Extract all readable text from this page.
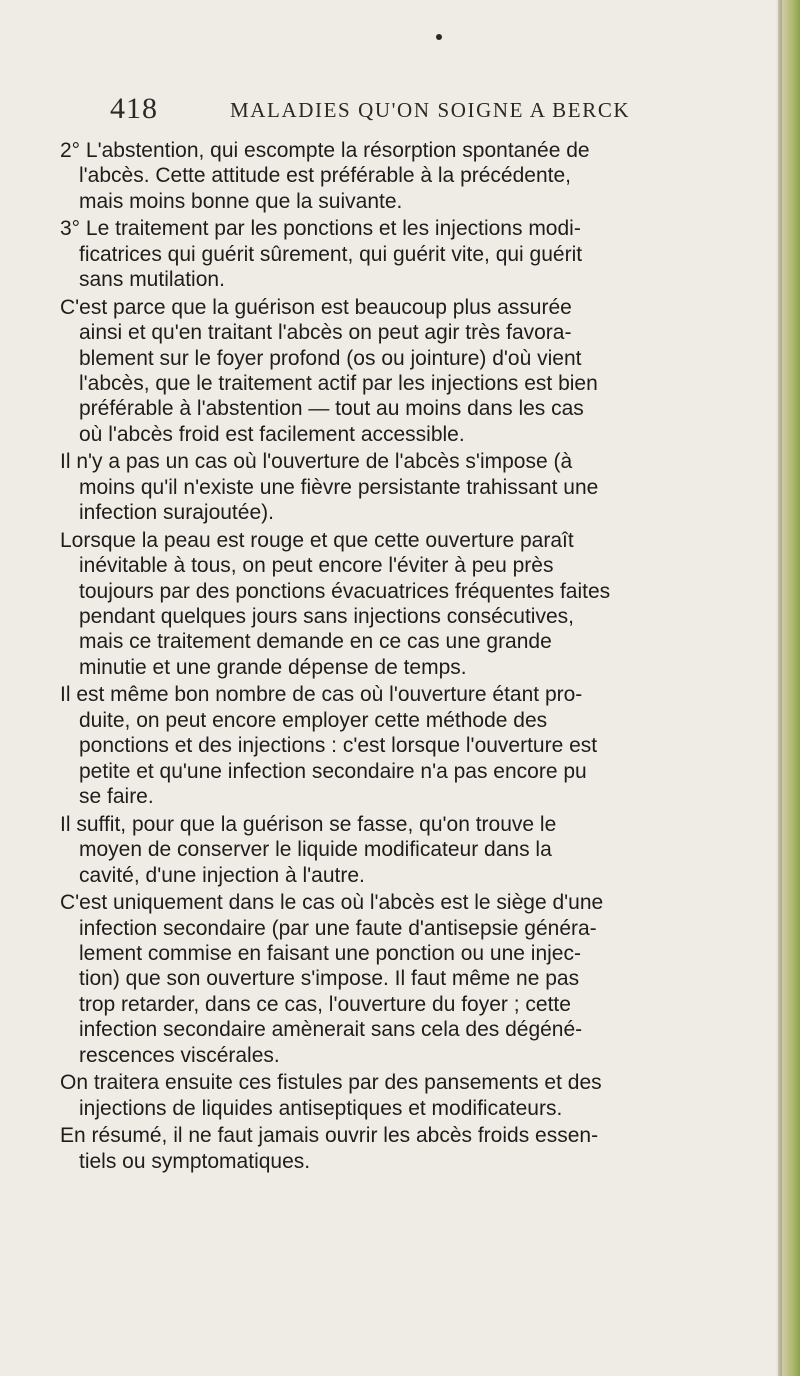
418	MALADIES QU'ON SOIGNE A BERCK

2° L'abstention, qui escompte la résorption spontanée de
l'abcès. Cette attitude est préférable à la précédente,
mais moins bonne que la suivante.

3° Le traitement par les ponctions et les injections modi-
ficatrices qui guérit sûrement, qui guérit vite, qui guérit
sans mutilation.

C'est parce que la guérison est beaucoup plus assurée
ainsi et qu'en traitant l'abcès on peut agir très favora-
blement sur le foyer profond (os ou jointure) d'où vient
l'abcès, que le traitement actif par les injections est bien
préférable à l'abstention — tout au moins dans les cas
où l'abcès froid est facilement accessible.

Il n'y a pas un cas où l'ouverture de l'abcès s'impose (à
moins qu'il n'existe une fièvre persistante trahissant une
infection surajoutée).

Lorsque la peau est rouge et que cette ouverture paraît
inévitable à tous, on peut encore l'éviter à peu près
toujours par des ponctions évacuatrices fréquentes faites
pendant quelques jours sans injections consécutives,
mais ce traitement demande en ce cas une grande
minutie et une grande dépense de temps.

Il est même bon nombre de cas où l'ouverture étant pro-
duite, on peut encore employer cette méthode des
ponctions et des injections : c'est lorsque l'ouverture est
petite et qu'une infection secondaire n'a pas encore pu
se faire.

Il suffit, pour que la guérison se fasse, qu'on trouve le
moyen de conserver le liquide modificateur dans la
cavité, d'une injection à l'autre.

C'est uniquement dans le cas où l'abcès est le siège d'une
infection secondaire (par une faute d'antisepsie généra-
lement commise en faisant une ponction ou une injec-
tion) que son ouverture s'impose. Il faut même ne pas
trop retarder, dans ce cas, l'ouverture du foyer ; cette
infection secondaire amènerait sans cela des dégéné-
rescences viscérales.

On traitera ensuite ces fistules par des pansements et des
injections de liquides antiseptiques et modificateurs.

En résumé, il ne faut jamais ouvrir les abcès froids essen-
tiels ou symptomatiques.
